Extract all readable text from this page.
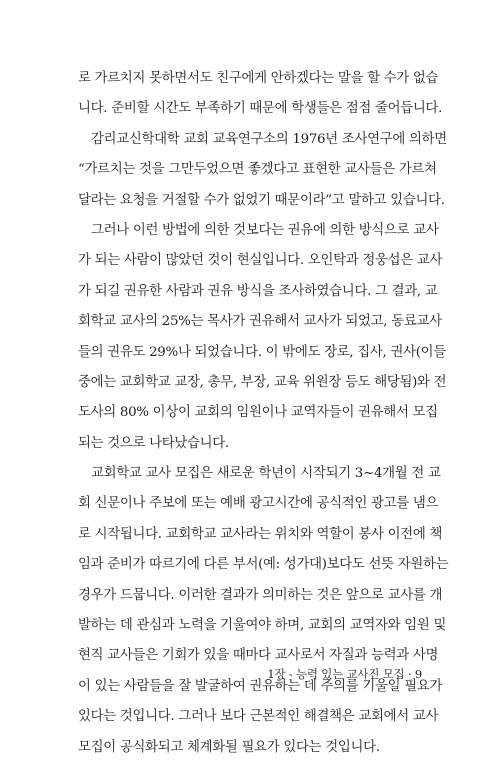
로 가르치지 못하면서도 친구에게 안하겠다는 말을 할 수가 없습
니다. 준비할 시간도 부족하기 때문에 학생들은 점점 줄어듭니다.
감리교신학대학 교회 교육연구소의 1976년 조사연구에 의하면
“가르치는 것을 그만두었으면 좋겠다고 표현한 교사들은 가르쳐
달라는 요청을 거절할 수가 없었기 때문이라”고 말하고 있습니다.
그러나 이런 방법에 의한 것보다는 권유에 의한 방식으로 교사
가 되는 사람이 많았던 것이 현실입니다. 오인탁과 정웅섭은 교사
가 되길 권유한 사람과 권유 방식을 조사하였습니다. 그 결과, 교
회학교 교사의 25%는 목사가 권유해서 교사가 되었고, 동료교사
들의 권유도 29%나 되었습니다. 이 밖에도 장로, 집사, 권사(이들
중에는 교회학교 교장, 총무, 부장, 교육 위원장 등도 해당됨)와 전
도사의 80% 이상이 교회의 임원이나 교역자들이 권유해서 모집
되는 것으로 나타났습니다.
교회학교 교사 모집은 새로운 학년이 시작되기 3~4개월 전 교
회 신문이나 주보에 또는 예배 광고시간에 공식적인 광고를 냄으
로 시작됩니다. 교회학교 교사라는 위치와 역할이 봉사 이전에 책
임과 준비가 따르기에 다른 부서(예: 성가대)보다도 선뜻 자원하는
경우가 드뭅니다. 이러한 결과가 의미하는 것은 앞으로 교사를 개
발하는 데 관심과 노력을 기울여야 하며, 교회의 교역자와 임원 및
현직 교사들은 기회가 있을 때마다 교사로서 자질과 능력과 사명
이 있는 사람들을 잘 발굴하여 권유하는 데 주의를 기울일 필요가
있다는 것입니다. 그러나 보다 근본적인 해결책은 교회에서 교사
모집이 공식화되고 체계화될 필요가 있다는 것입니다.
1장 - 능력 있는 교사진 모집 · 9
